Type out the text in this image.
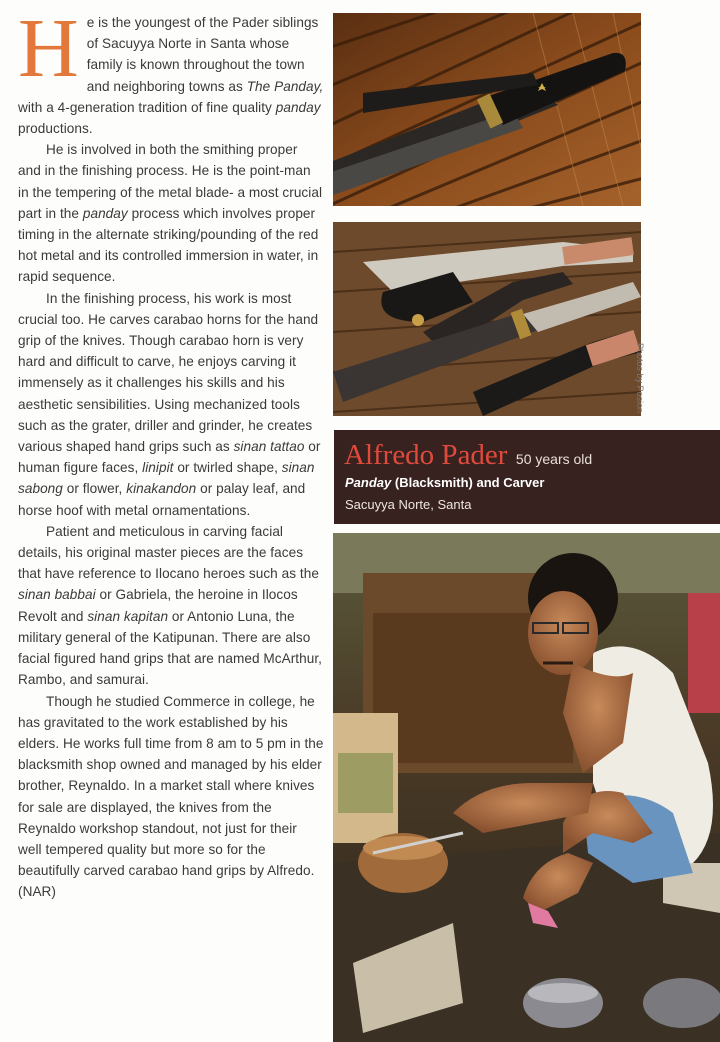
He is the youngest of the Pader siblings of Sacuyya Norte in Santa whose family is known throughout the town and neighboring towns as The Panday, with a 4-generation tradition of fine quality panday productions.

He is involved in both the smithing proper and in the finishing process. He is the point-man in the tempering of the metal blade- a most crucial part in the panday process which involves proper timing in the alternate striking/pounding of the red hot metal and its controlled immersion in water, in rapid sequence.

In the finishing process, his work is most crucial too. He carves carabao horns for the hand grip of the knives. Though carabao horn is very hard and difficult to carve, he enjoys carving it immensely as it challenges his skills and his aesthetic sensibilities. Using mechanized tools such as the grater, driller and grinder, he creates various shaped hand grips such as sinan tattao or human figure faces, linipit or twirled shape, sinan sabong or flower, kinakandon or palay leaf, and horse hoof with metal ornamentations.

Patient and meticulous in carving facial details, his original master pieces are the faces that have reference to Ilocano heroes such as the sinan babbai or Gabriela, the heroine in Ilocos Revolt and sinan kapitan or Antonio Luna, the military general of the Katipunan. There are also facial figured hand grips that are named McArthur, Rambo, and samurai.

Though he studied Commerce in college, he has gravitated to the work established by his elders. He works full time from 8 am to 5 pm in the blacksmith shop owned and managed by his elder brother, Reynaldo. In a market stall where knives for sale are displayed, the knives from the Reynaldo workshop standout, not just for their well tempered quality but more so for the beautifully carved carabao hand grips by Alfredo. (NAR)

Photos by Posion
Alfredo Pader 50 years old
Panday (Blacksmith) and Carver
Sacuyya Norte, Santa
